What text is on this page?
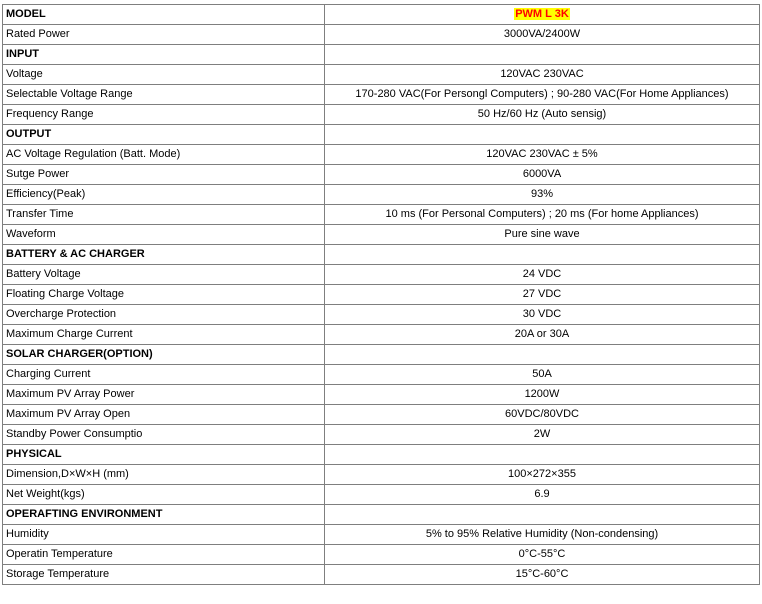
MODEL	PWM L 3K
Rated Power	3000VA/2400W
INPUT	
Voltage	120VAC 230VAC
Selectable Voltage Range	170-280 VAC(For Persongl Computers) ; 90-280 VAC(For Home Appliances)
Frequency Range	50 Hz/60 Hz (Auto sensig)
OUTPUT	
AC Voltage Regulation (Batt. Mode)	120VAC 230VAC ± 5%
Sutge Power	6000VA
Efficiency(Peak)	93%
Transfer Time	10 ms (For Personal Computers) ; 20 ms (For home Appliances)
Waveform	Pure sine wave
BATTERY & AC CHARGER	
Battery Voltage	24 VDC
Floating Charge Voltage	27 VDC
Overcharge Protection	30 VDC
Maximum Charge Current	20A or 30A
SOLAR CHARGER(OPTION)	
Charging Current	50A
Maximum PV Array Power	1200W
Maximum PV Array Open	60VDC/80VDC
Standby Power Consumptio	2W
PHYSICAL	
Dimension,D×W×H (mm)	100×272×355
Net Weight(kgs)	6.9
OPERAFTING ENVIRONMENT	
Humidity	5% to 95% Relative Humidity (Non-condensing)
Operatin Temperature	0°C-55°C
Storage Temperature	15°C-60°C
